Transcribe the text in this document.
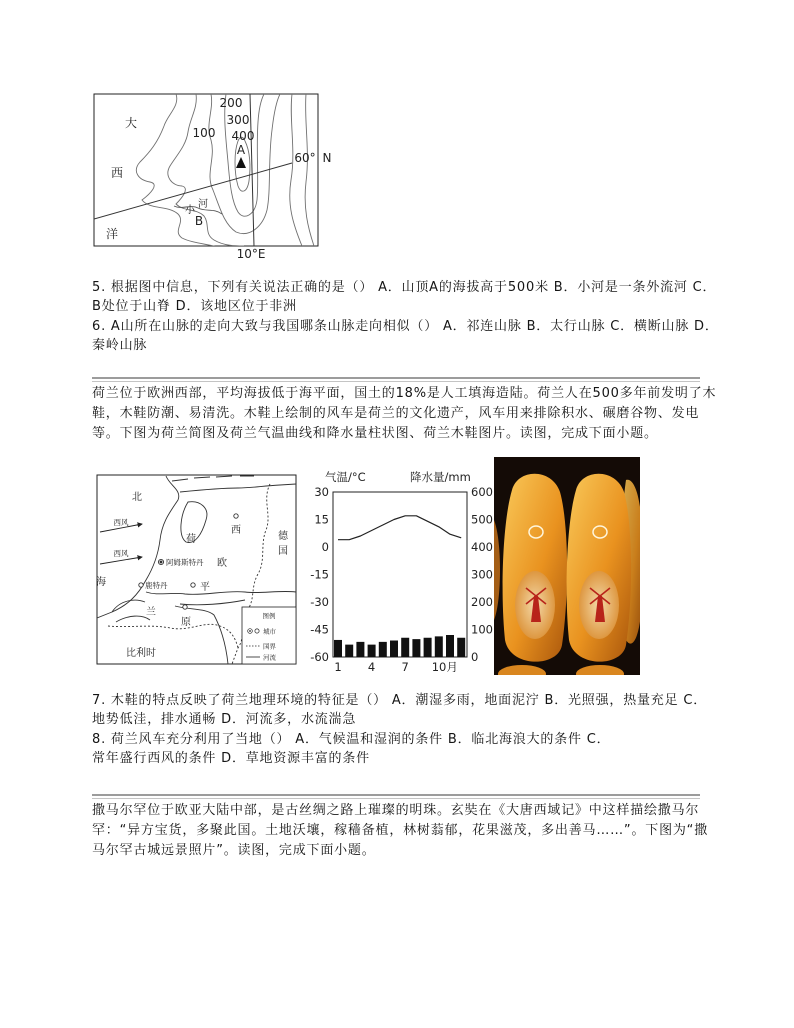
大
西
洋
100
200
300
400
A
60° N
小
河
B
10°E
5. 根据图中信息，下列有关说法正确的是（） A．山顶A的海拔高于500米 B．小河是一条外流河 C．
B处位于山脊 D．该地区位于非洲
6. A山所在山脉的走向大致与我国哪条山脉走向相似（） A．祁连山脉 B．太行山脉 C．横断山脉 D．
秦岭山脉
荷兰位于欧洲西部，平均海拔低于海平面，国土的18%是人工填海造陆。荷兰人在500多年前发明了木
鞋，木鞋防潮、易清洗。木鞋上绘制的风车是荷兰的文化遗产，风车用来排除积水、碾磨谷物、发电
等。下图为荷兰简图及荷兰气温曲线和降水量柱状图、荷兰木鞋图片。读图，完成下面小题。
北
西风
荷
西
德
国
西风
阿姆斯特丹 欧
海	鹿特丹	平
兰
原
比利时
图例
城市
国界
河流
气温/°C	降水量/mm
30
15
0
-15
-30
-45
-60
600
500
400
300
200
100
0
1 4 7 10月
7. 木鞋的特点反映了荷兰地理环境的特征是（） A．潮湿多雨，地面泥泞 B．光照强，热量充足 C．
地势低洼，排水通畅 D．河流多，水流湍急
8. 荷兰风车充分利用了当地（） A．气候温和湿润的条件 B．临北海浪大的条件 C．
常年盛行西风的条件 D．草地资源丰富的条件
撒马尔罕位于欧亚大陆中部，是古丝绸之路上璀璨的明珠。玄奘在《大唐西域记》中这样描绘撒马尔
罕：“异方宝货，多聚此国。土地沃壤，稼穑备植，林树蓊郁，花果滋茂，多出善马……”。下图为“撒
马尔罕古城远景照片”。读图，完成下面小题。
